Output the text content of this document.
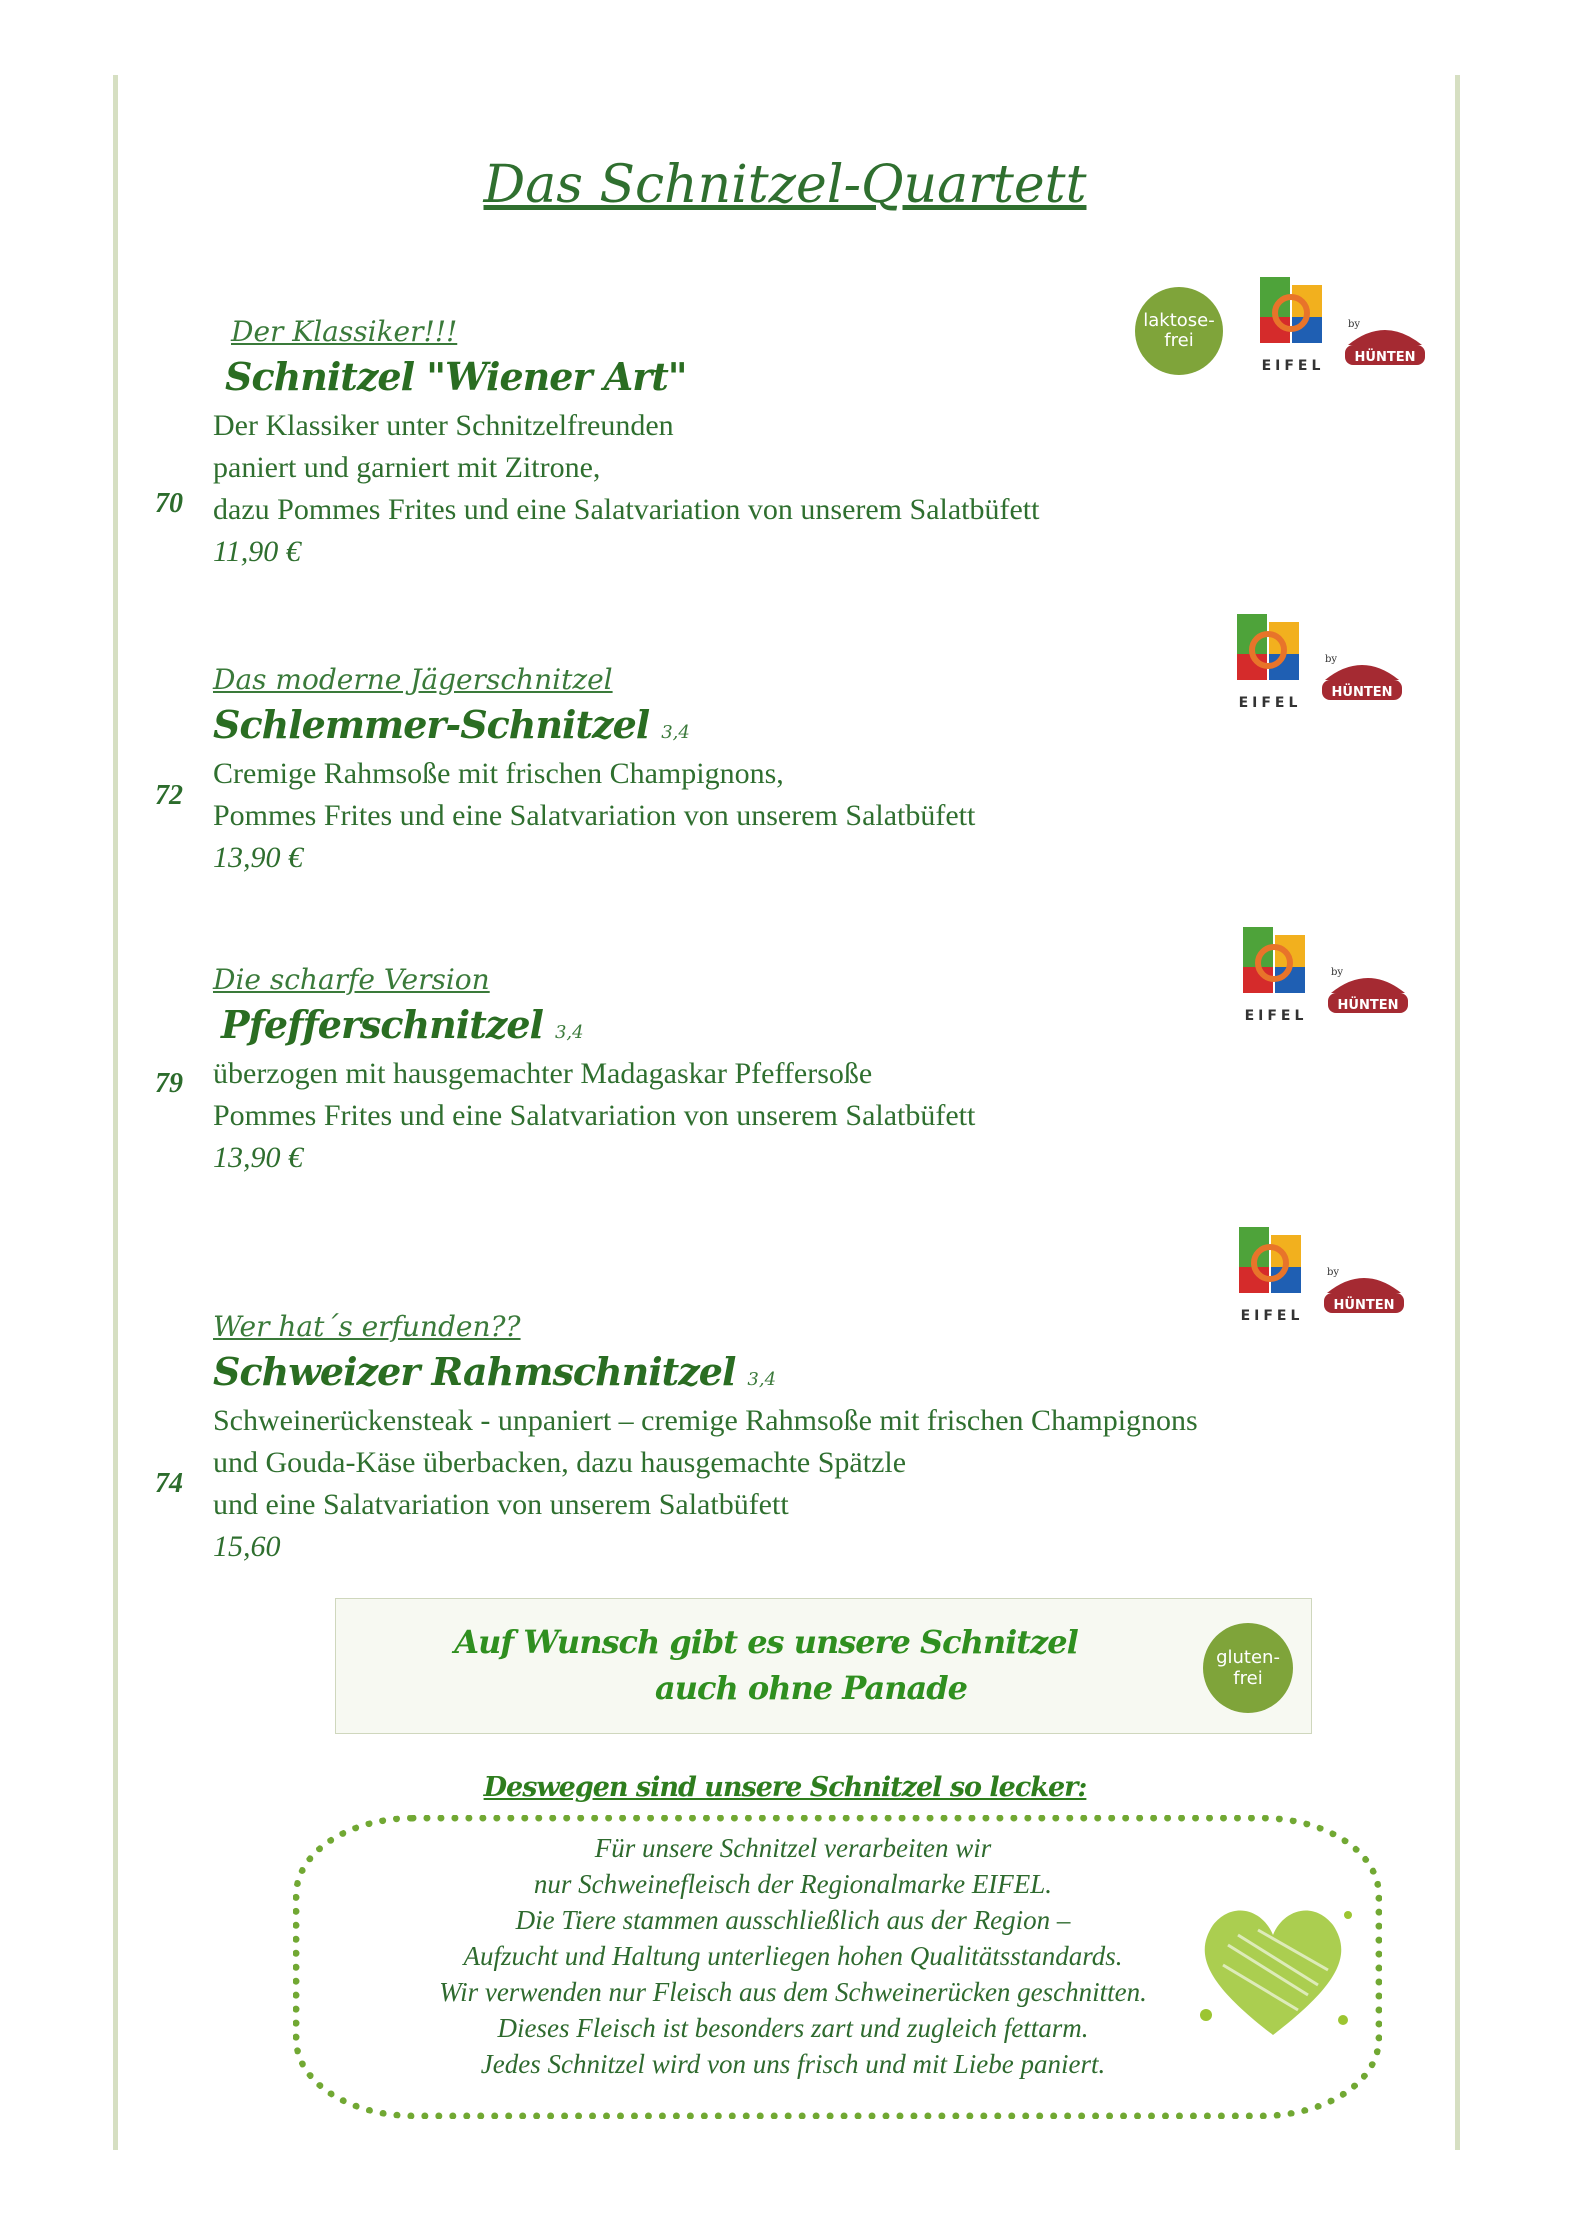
Das Schnitzel-Quartett
Der Klassiker!!!
Schnitzel "Wiener Art"
Der Klassiker unter Schnitzelfreunden
paniert und garniert mit Zitrone,
dazu Pommes Frites und eine Salatvariation von unserem Salatbüfett
11,90 €
70
Das moderne Jägerschnitzel
Schlemmer-Schnitzel 3,4
Cremige Rahmsoße mit frischen Champignons,
Pommes Frites und eine Salatvariation von unserem Salatbüfett
13,90 €
72
Die scharfe Version
Pfefferschnitzel 3,4
überzogen mit hausgemachter Madagaskar Pfeffersoße
Pommes Frites und eine Salatvariation von unserem Salatbüfett
13,90 €
79
Wer hat´s erfunden??
Schweizer Rahmschnitzel 3,4
Schweinerückensteak - unpaniert – cremige Rahmsoße mit frischen Champignons
und Gouda-Käse überbacken, dazu hausgemachte Spätzle
und eine Salatvariation von unserem Salatbüfett
15,60
74
laktose-frei
EIFEL
by
HÜNTEN
EIFEL
by
HÜNTEN
EIFEL
by
HÜNTEN
EIFEL
by
HÜNTEN
Auf Wunsch gibt es unsere Schnitzel
auch ohne Panade
gluten-frei
Deswegen sind unsere Schnitzel so lecker:
Für unsere Schnitzel verarbeiten wir
nur Schweinefleisch der Regionalmarke EIFEL.
Die Tiere stammen ausschließlich aus der Region –
Aufzucht und Haltung unterliegen hohen Qualitätsstandards.
Wir verwenden nur Fleisch aus dem Schweinerücken geschnitten.
Dieses Fleisch ist besonders zart und zugleich fettarm.
Jedes Schnitzel wird von uns frisch und mit Liebe paniert.
